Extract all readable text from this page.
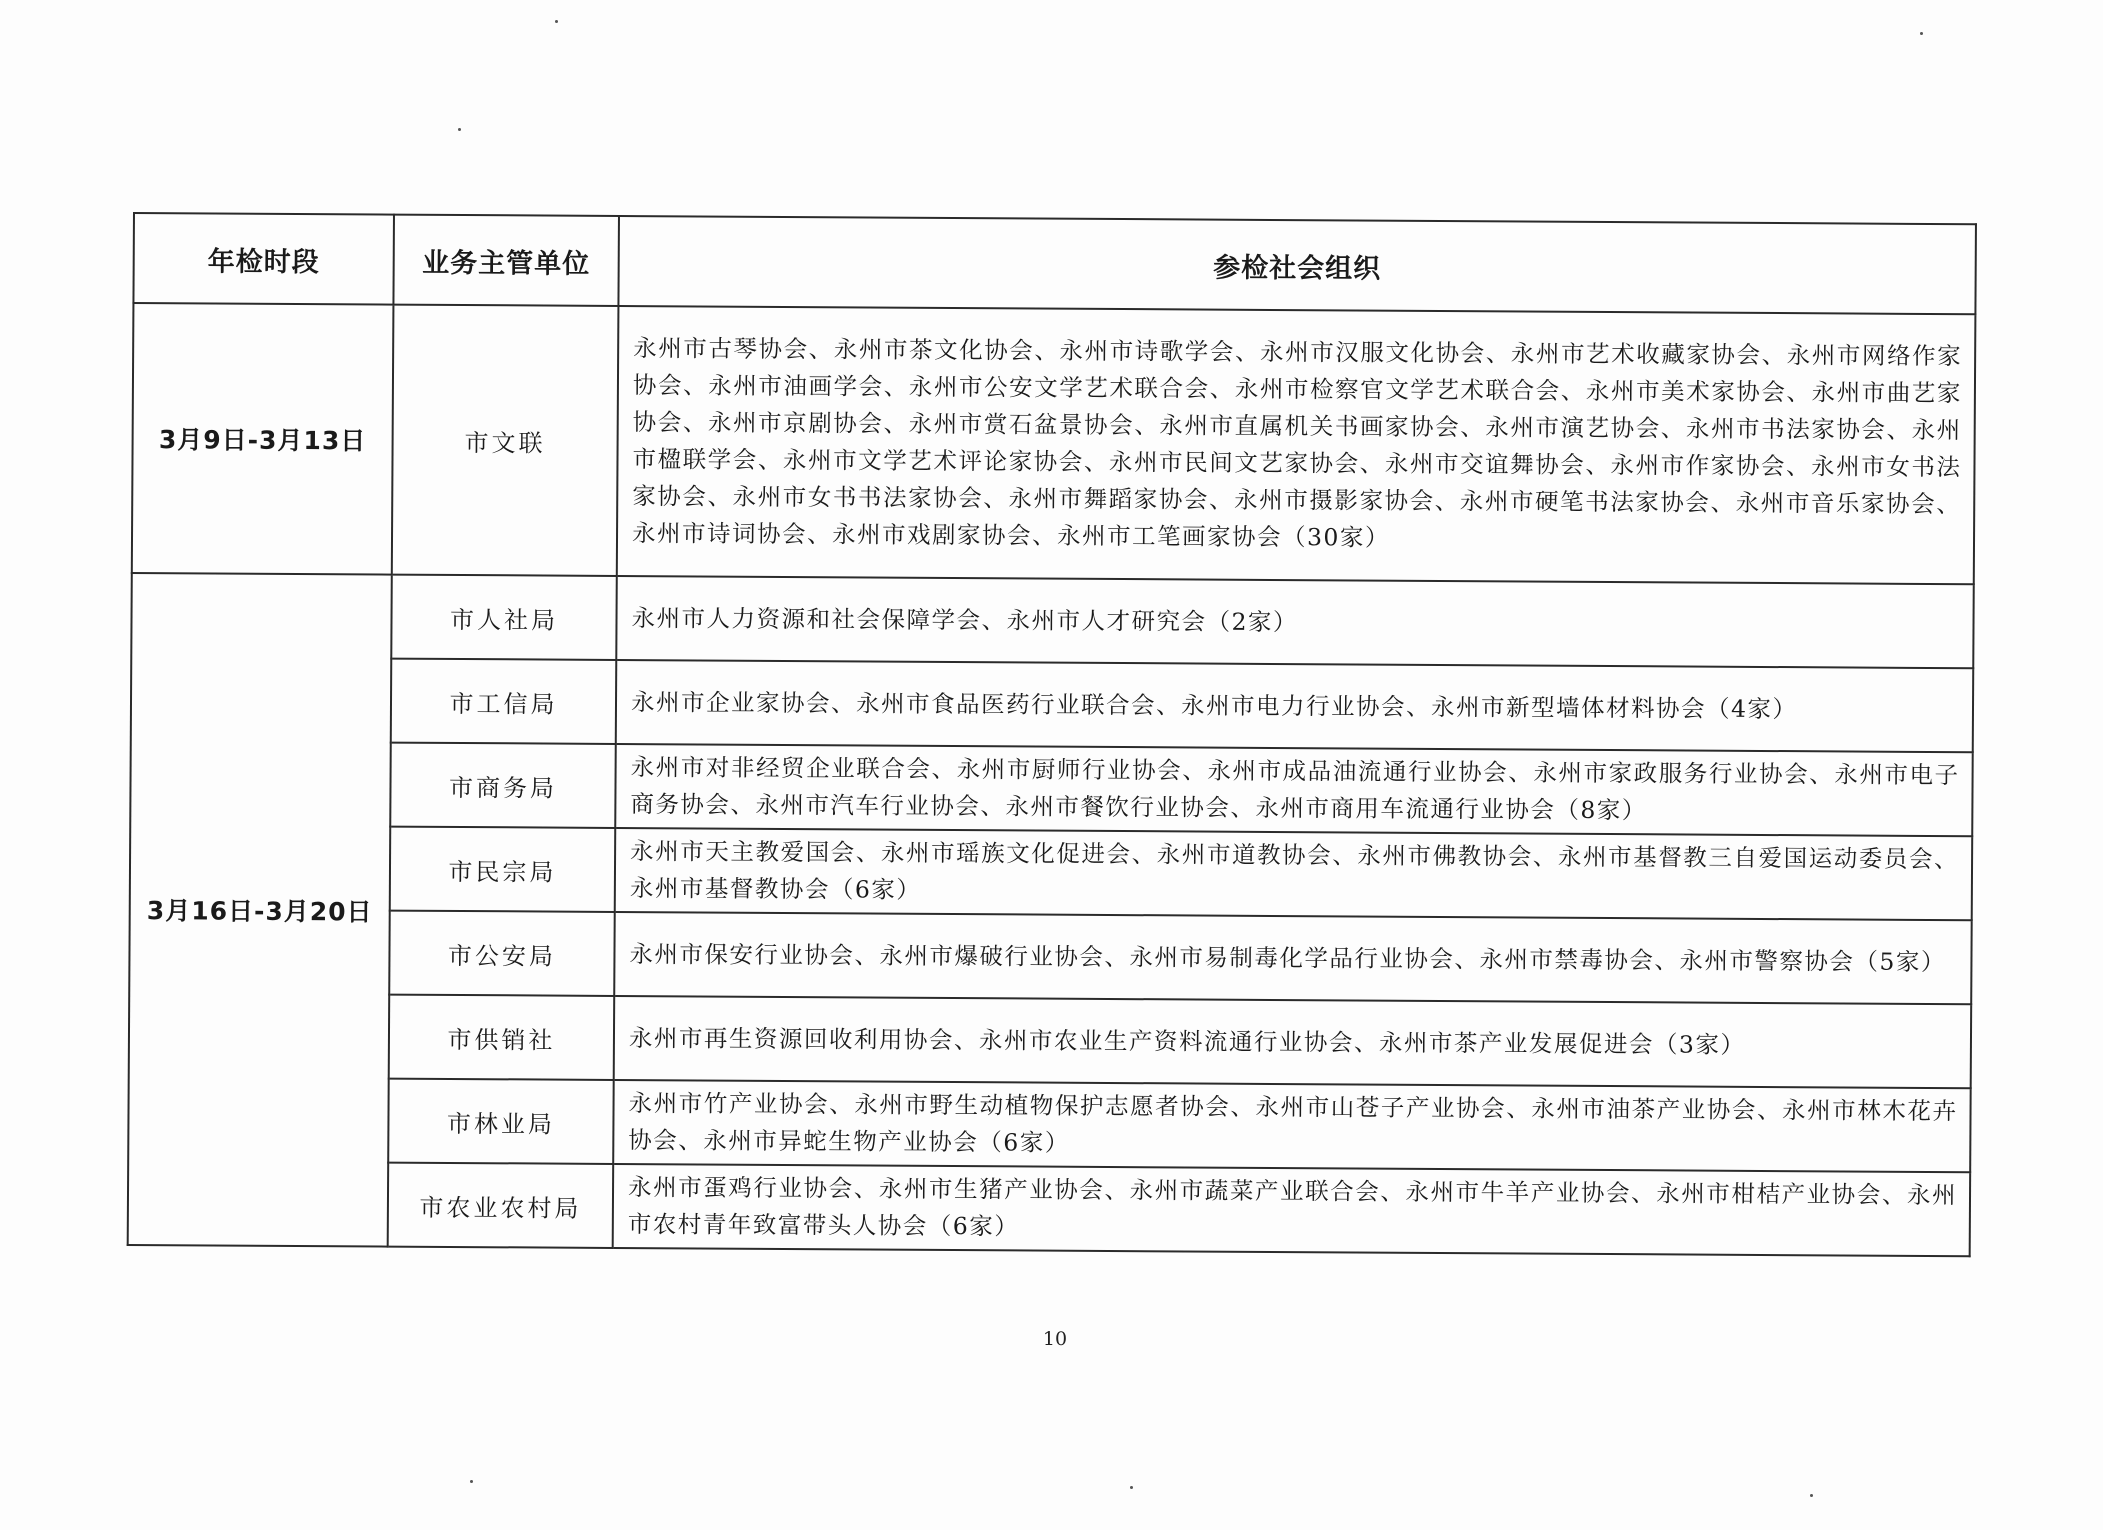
年检时段	业务主管单位	参检社会组织
3月9日-3月13日	市文联	永州市古琴协会、永州市茶文化协会、永州市诗歌学会、永州市汉服文化协会、永州市艺术收藏家协会、永州市网络作家协会、永州市油画学会、永州市公安文学艺术联合会、永州市检察官文学艺术联合会、永州市美术家协会、永州市曲艺家协会、永州市京剧协会、永州市赏石盆景协会、永州市直属机关书画家协会、永州市演艺协会、永州市书法家协会、永州市楹联学会、永州市文学艺术评论家协会、永州市民间文艺家协会、永州市交谊舞协会、永州市作家协会、永州市女书法家协会、永州市女书书法家协会、永州市舞蹈家协会、永州市摄影家协会、永州市硬笔书法家协会、永州市音乐家协会、永州市诗词协会、永州市戏剧家协会、永州市工笔画家协会（30家）
3月16日-3月20日	市人社局	永州市人力资源和社会保障学会、永州市人才研究会（2家）
	市工信局	永州市企业家协会、永州市食品医药行业联合会、永州市电力行业协会、永州市新型墙体材料协会（4家）
	市商务局	永州市对非经贸企业联合会、永州市厨师行业协会、永州市成品油流通行业协会、永州市家政服务行业协会、永州市电子商务协会、永州市汽车行业协会、永州市餐饮行业协会、永州市商用车流通行业协会（8家）
	市民宗局	永州市天主教爱国会、永州市瑶族文化促进会、永州市道教协会、永州市佛教协会、永州市基督教三自爱国运动委员会、永州市基督教协会（6家）
	市公安局	永州市保安行业协会、永州市爆破行业协会、永州市易制毒化学品行业协会、永州市禁毒协会、永州市警察协会（5家）
	市供销社	永州市再生资源回收利用协会、永州市农业生产资料流通行业协会、永州市茶产业发展促进会（3家）
	市林业局	永州市竹产业协会、永州市野生动植物保护志愿者协会、永州市山苍子产业协会、永州市油茶产业协会、永州市林木花卉协会、永州市异蛇生物产业协会（6家）
	市农业农村局	永州市蛋鸡行业协会、永州市生猪产业协会、永州市蔬菜产业联合会、永州市牛羊产业协会、永州市柑桔产业协会、永州市农村青年致富带头人协会（6家）
10
